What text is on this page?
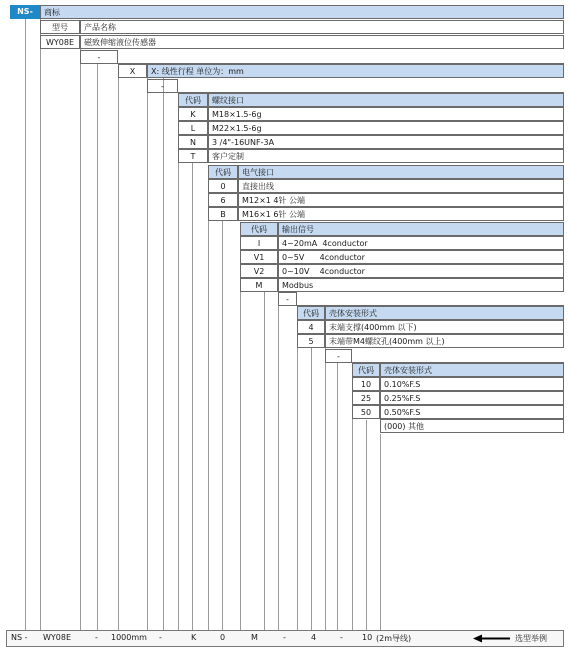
NS-	商标
型号	产品名称
WY08E	磁致伸缩液位传感器
-
X	X: 线性行程 单位为：mm
-
代码	螺纹接口
K	M18×1.5-6g
L	M22×1.5-6g
N	3 /4"-16UNF-3A
T	客户定制
代码	电气接口
0	直接出线
6	M12×1 4针 公端
B	M16×1 6针 公端
代码	输出信号
I	4~20mA  4conductor
V1	0~5V      4conductor
V2	0~10V    4conductor
M	Modbus
-
代码	壳体安装形式
4	末端支撑(400mm 以下)
5	末端带M4螺纹孔(400mm 以上)
-
代码	壳体安装形式
10	0.10%F.S
25	0.25%F.S
50	0.50%F.S
(000) 其他
NS - WY08E	- 1000mm -	K	0	M	-	4	- 10 (2m导线)	选型举例
